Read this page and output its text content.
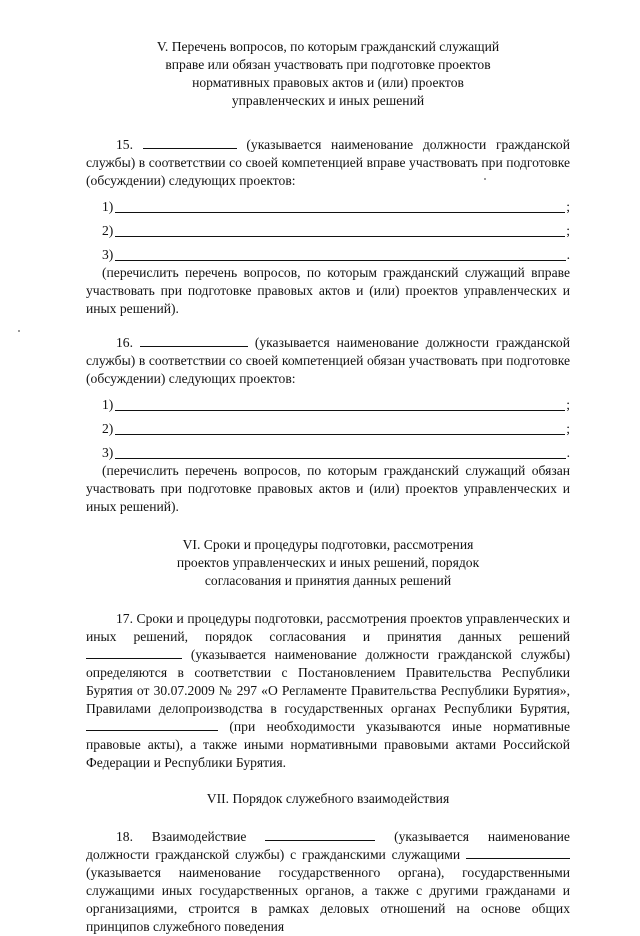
V. Перечень вопросов, по которым гражданский служащий
вправе или обязан участвовать при подготовке проектов
нормативных правовых актов и (или) проектов
управленческих и иных решений

15.	(указывается наименование должности гражданской службы) в соответствии со своей компетенцией вправе участвовать при подготовке (обсуждении) следующих проектов:

1)	;
2)	;
3)	.

(перечислить перечень вопросов, по которым гражданский служащий вправе участвовать при подготовке правовых актов и (или) проектов управленческих и иных решений).

16.	(указывается наименование должности гражданской службы) в соответствии со своей компетенцией обязан участвовать при подготовке (обсуждении) следующих проектов:

1)	;
2)	;
3)	.

(перечислить перечень вопросов, по которым гражданский служащий обязан участвовать при подготовке правовых актов и (или) проектов управленческих и иных решений).

VI. Сроки и процедуры подготовки, рассмотрения
проектов управленческих и иных решений, порядок
согласования и принятия данных решений

17. Сроки и процедуры подготовки, рассмотрения проектов управленческих и иных решений, порядок согласования и принятия данных решений  (указывается наименование должности гражданской службы) определяются в соответствии с Постановлением Правительства Республики Бурятия от 30.07.2009 № 297 «О Регламенте Правительства Республики Бурятия», Правилами делопроизводства в государственных органах Республики Бурятия,  (при необходимости указываются иные нормативные правовые акты), а также иными нормативными правовыми актами Российской Федерации и Республики Бурятия.

VII. Порядок служебного взаимодействия

18. Взаимодействие	(указывается наименование должности гражданской службы) с гражданскими служащими  (указывается наименование государственного органа), государственными служащими иных государственных органов, а также с другими гражданами и организациями, строится в рамках деловых отношений на основе общих принципов служебного поведения
